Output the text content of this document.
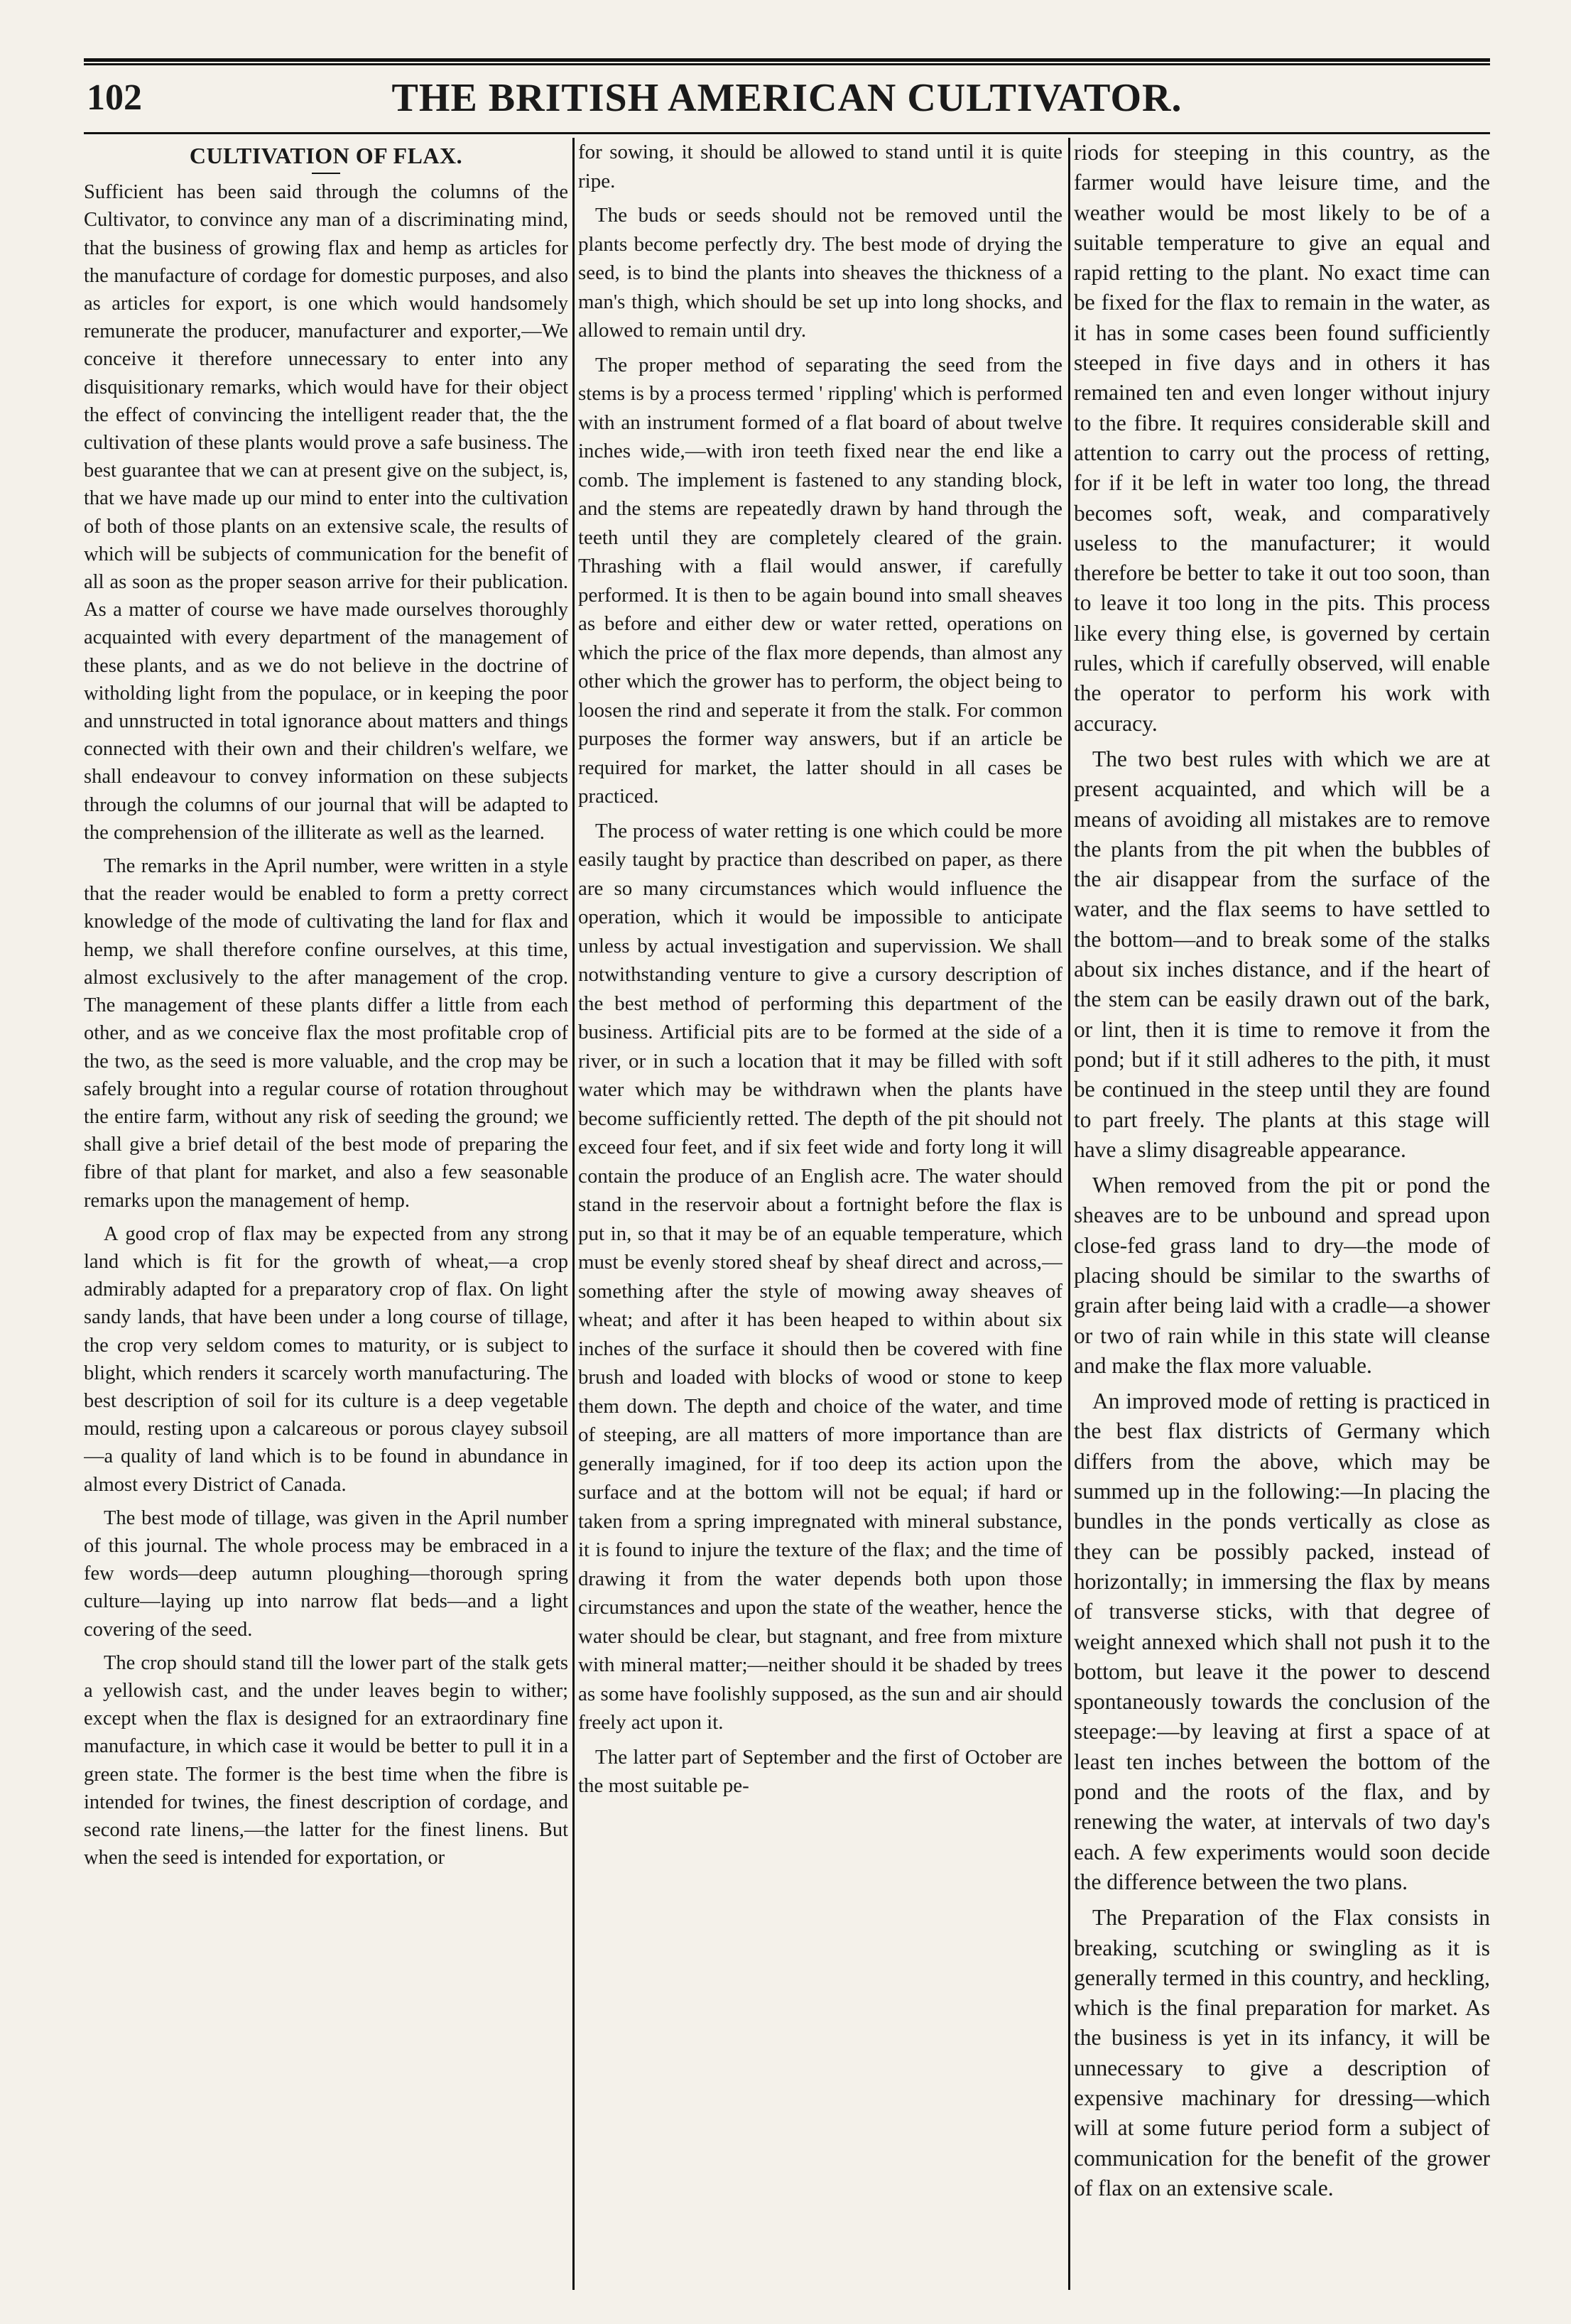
102	THE BRITISH AMERICAN CULTIVATOR.
CULTIVATION OF FLAX.

Sufficient has been said through the columns of the Cultivator, to convince any man of a discriminating mind, that the business of growing flax and hemp as articles for the manufacture of cordage for domestic purposes, and also as articles for export, is one which would handsomely remunerate the producer, manufacturer and exporter,—We conceive it therefore unnecessary to enter into any disquisitionary remarks, which would have for their object the effect of convincing the intelligent reader that, the the cultivation of these plants would prove a safe business. The best guarantee that we can at present give on the subject, is, that we have made up our mind to enter into the cultivation of both of those plants on an extensive scale, the results of which will be subjects of communication for the benefit of all as soon as the proper season arrive for their publication. As a matter of course we have made ourselves thoroughly acquainted with every department of the management of these plants, and as we do not believe in the doctrine of witholding light from the populace, or in keeping the poor and unnstructed in total ignorance about matters and things connected with their own and their children's welfare, we shall endeavour to convey information on these subjects through the columns of our journal that will be adapted to the comprehension of the illiterate as well as the learned.

The remarks in the April number, were written in a style that the reader would be enabled to form a pretty correct knowledge of the mode of cultivating the land for flax and hemp, we shall therefore confine ourselves, at this time, almost exclusively to the after management of the crop. The management of these plants differ a little from each other, and as we conceive flax the most profitable crop of the two, as the seed is more valuable, and the crop may be safely brought into a regular course of rotation throughout the entire farm, without any risk of seeding the ground; we shall give a brief detail of the best mode of preparing the fibre of that plant for market, and also a few seasonable remarks upon the management of hemp.

A good crop of flax may be expected from any strong land which is fit for the growth of wheat,—a crop admirably adapted for a preparatory crop of flax. On light sandy lands, that have been under a long course of tillage, the crop very seldom comes to maturity, or is subject to blight, which renders it scarcely worth manufacturing. The best description of soil for its culture is a deep vegetable mould, resting upon a calcareous or porous clayey subsoil—a quality of land which is to be found in abundance in almost every District of Canada.

The best mode of tillage, was given in the April number of this journal. The whole process may be embraced in a few words—deep autumn ploughing—thorough spring culture—laying up into narrow flat beds—and a light covering of the seed.

The crop should stand till the lower part of the stalk gets a yellowish cast, and the under leaves begin to wither; except when the flax is designed for an extraordinary fine manufacture, in which case it would be better to pull it in a green state. The former is the best time when the fibre is intended for twines, the finest description of cordage, and second rate linens,—the latter for the finest linens. But when the seed is intended for exportation, or

for sowing, it should be allowed to stand until it is quite ripe.

The buds or seeds should not be removed until the plants become perfectly dry. The best mode of drying the seed, is to bind the plants into sheaves the thickness of a man's thigh, which should be set up into long shocks, and allowed to remain until dry.

The proper method of separating the seed from the stems is by a process termed ' rippling' which is performed with an instrument formed of a flat board of about twelve inches wide,—with iron teeth fixed near the end like a comb. The implement is fastened to any standing block, and the stems are repeatedly drawn by hand through the teeth until they are completely cleared of the grain. Thrashing with a flail would answer, if carefully performed. It is then to be again bound into small sheaves as before and either dew or water retted, operations on which the price of the flax more depends, than almost any other which the grower has to perform, the object being to loosen the rind and seperate it from the stalk. For common purposes the former way answers, but if an article be required for market, the latter should in all cases be practiced.

The process of water retting is one which could be more easily taught by practice than described on paper, as there are so many circumstances which would influence the operation, which it would be impossible to anticipate unless by actual investigation and supervission. We shall notwithstanding venture to give a cursory description of the best method of performing this department of the business. Artificial pits are to be formed at the side of a river, or in such a location that it may be filled with soft water which may be withdrawn when the plants have become sufficiently retted. The depth of the pit should not exceed four feet, and if six feet wide and forty long it will contain the produce of an English acre. The water should stand in the reservoir about a fortnight before the flax is put in, so that it may be of an equable temperature, which must be evenly stored sheaf by sheaf direct and across,—something after the style of mowing away sheaves of wheat; and after it has been heaped to within about six inches of the surface it should then be covered with fine brush and loaded with blocks of wood or stone to keep them down. The depth and choice of the water, and time of steeping, are all matters of more importance than are generally imagined, for if too deep its action upon the surface and at the bottom will not be equal; if hard or taken from a spring impregnated with mineral substance, it is found to injure the texture of the flax; and the time of drawing it from the water depends both upon those circumstances and upon the state of the weather, hence the water should be clear, but stagnant, and free from mixture with mineral matter;—neither should it be shaded by trees as some have foolishly supposed, as the sun and air should freely act upon it.

The latter part of September and the first of October are the most suitable pe-

riods for steeping in this country, as the farmer would have leisure time, and the weather would be most likely to be of a suitable temperature to give an equal and rapid retting to the plant. No exact time can be fixed for the flax to remain in the water, as it has in some cases been found sufficiently steeped in five days and in others it has remained ten and even longer without injury to the fibre. It requires considerable skill and attention to carry out the process of retting, for if it be left in water too long, the thread becomes soft, weak, and comparatively useless to the manufacturer; it would therefore be better to take it out too soon, than to leave it too long in the pits. This process like every thing else, is governed by certain rules, which if carefully observed, will enable the operator to perform his work with accuracy.

The two best rules with which we are at present acquainted, and which will be a means of avoiding all mistakes are to remove the plants from the pit when the bubbles of the air disappear from the surface of the water, and the flax seems to have settled to the bottom—and to break some of the stalks about six inches distance, and if the heart of the stem can be easily drawn out of the bark, or lint, then it is time to remove it from the pond; but if it still adheres to the pith, it must be continued in the steep until they are found to part freely. The plants at this stage will have a slimy disagreable appearance.

When removed from the pit or pond the sheaves are to be unbound and spread upon close-fed grass land to dry—the mode of placing should be similar to the swarths of grain after being laid with a cradle—a shower or two of rain while in this state will cleanse and make the flax more valuable.

An improved mode of retting is practiced in the best flax districts of Germany which differs from the above, which may be summed up in the following:—In placing the bundles in the ponds vertically as close as they can be possibly packed, instead of horizontally; in immersing the flax by means of transverse sticks, with that degree of weight annexed which shall not push it to the bottom, but leave it the power to descend spontaneously towards the conclusion of the steepage:—by leaving at first a space of at least ten inches between the bottom of the pond and the roots of the flax, and by renewing the water, at intervals of two day's each. A few experiments would soon decide the difference between the two plans.

The Preparation of the Flax consists in breaking, scutching or swingling as it is generally termed in this country, and heckling, which is the final preparation for market. As the business is yet in its infancy, it will be unnecessary to give a description of expensive machinary for dressing—which will at some future period form a subject of communication for the benefit of the grower of flax on an extensive scale.
